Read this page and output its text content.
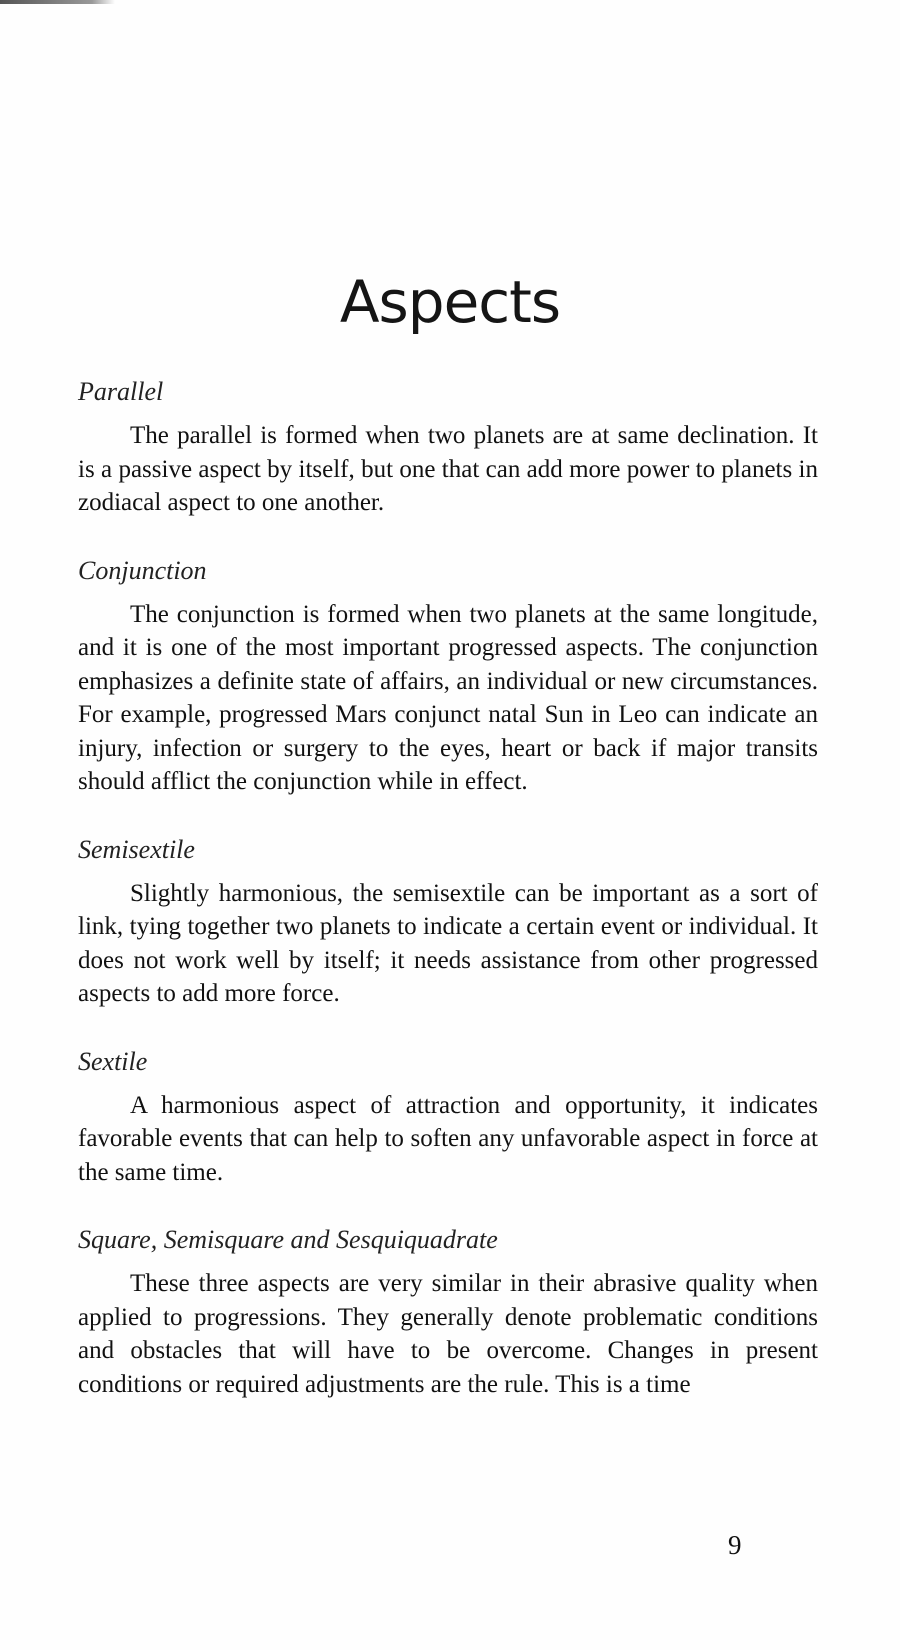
Aspects
Parallel

The parallel is formed when two planets are at same declination. It is a passive aspect by itself, but one that can add more power to planets in zodiacal aspect to one another.

Conjunction

The conjunction is formed when two planets at the same longitude, and it is one of the most important progressed aspects. The conjunction emphasizes a definite state of affairs, an individual or new circumstances. For example, progressed Mars conjunct natal Sun in Leo can indicate an injury, infection or surgery to the eyes, heart or back if major transits should afflict the conjunction while in effect.

Semisextile

Slightly harmonious, the semisextile can be important as a sort of link, tying together two planets to indicate a certain event or individual. It does not work well by itself; it needs assistance from other progressed aspects to add more force.

Sextile

A harmonious aspect of attraction and opportunity, it indicates favorable events that can help to soften any unfavorable aspect in force at the same time.

Square, Semisquare and Sesquiquadrate

These three aspects are very similar in their abrasive quality when applied to progressions. They generally denote problematic conditions and obstacles that will have to be overcome. Changes in present conditions or required adjustments are the rule. This is a time

9
